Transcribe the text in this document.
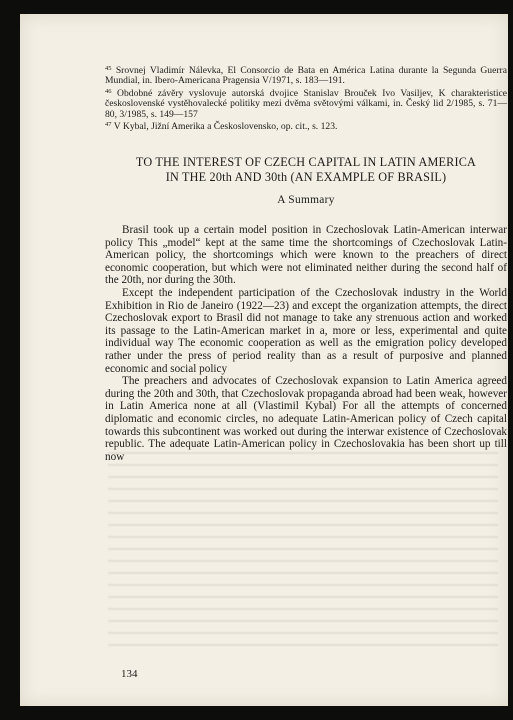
$^{45}$ Srovnej Vladimír Nálevka, El Consorcio de Bata en América Latina durante la Segunda Guerra Mundial, in. Ibero-Americana Pragensia V/1971, s. 183—191.

$^{46}$ Obdobné závěry vyslovuje autorská dvojice Stanislav Brouček Ivo Vasiljev, K charakteristice československé vystěhovalecké politiky mezi dvěma světovými válkami, in. Český lid 2/1985, s. 71—80, 3/1985, s. 149—157

$^{47}$ V Kybal, Jižní Amerika a Československo, op. cit., s. 123.

TO THE INTEREST OF CZECH CAPITAL IN LATIN AMERICA
IN THE 20th AND 30th (AN EXAMPLE OF BRASIL)
A Summary

Brasil took up a certain model position in Czechoslovak Latin-American interwar policy This „model“ kept at the same time the shortcomings of Czechoslovak Latin-American policy, the shortcomings which were known to the preachers of direct economic cooperation, but which were not eliminated neither during the second half of the 20th, nor during the 30th.

Except the independent participation of the Czechoslovak industry in the World Exhibition in Rio de Janeiro (1922—23) and except the organization attempts, the direct Czechoslovak export to Brasil did not manage to take any strenuous action and worked its passage to the Latin-American market in a, more or less, experimental and quite individual way The economic cooperation as well as the emigration policy developed rather under the press of period reality than as a result of purposive and planned economic and social policy

The preachers and advocates of Czechoslovak expansion to Latin America agreed during the 20th and 30th, that Czechoslovak propaganda abroad had been weak, however in Latin America none at all (Vlastimil Kybal) For all the attempts of concerned diplomatic and economic circles, no adequate Latin-American policy of Czech capital towards this subcontinent was worked out during the interwar existence of Czechoslovak republic. The adequate Latin-American policy in Czechoslovakia has been short up till now

134
